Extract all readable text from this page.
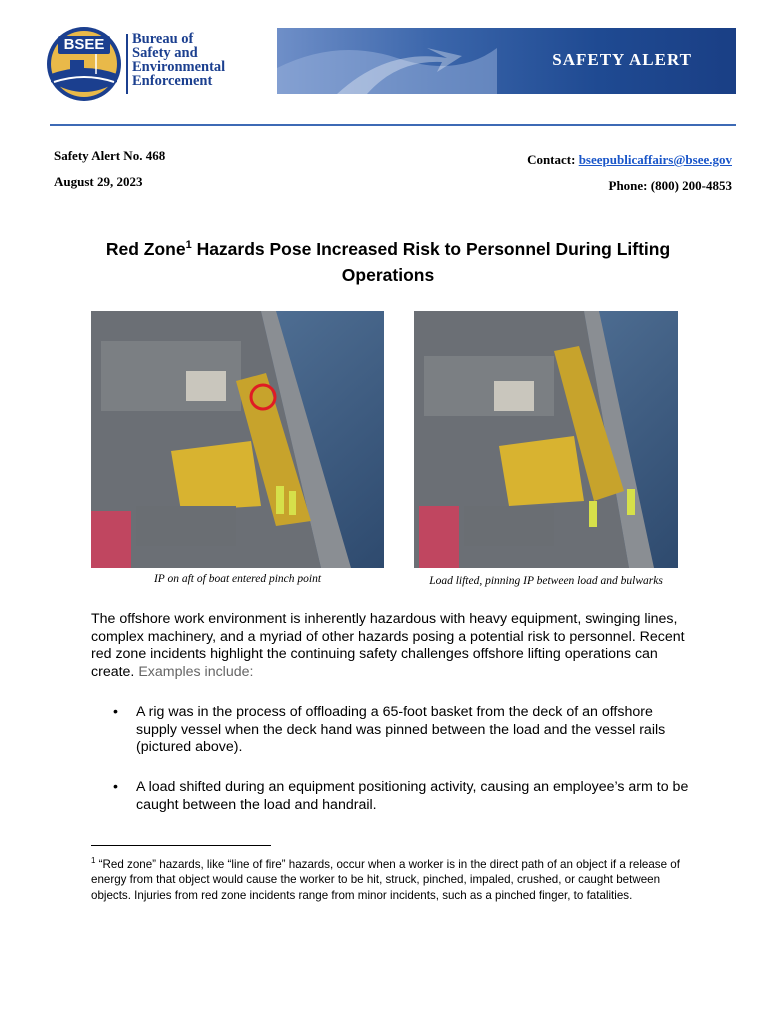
BSEE Bureau of
Safety and
Environmental
Enforcement
SAFETY ALERT
Safety Alert No. 468
August 29, 2023
Contact: bseepublicaffairs@bsee.gov
Phone: (800) 200-4853
Red Zone$^1$ Hazards Pose Increased Risk to Personnel During Lifting Operations
IP on aft of boat entered pinch point	Load lifted, pinning IP between load and bulwarks
The offshore work environment is inherently hazardous with heavy equipment, swinging lines, complex machinery, and a myriad of other hazards posing a potential risk to personnel. Recent red zone incidents highlight the continuing safety challenges offshore lifting operations can create. Examples include:
• A rig was in the process of offloading a 65-foot basket from the deck of an offshore supply vessel when the deck hand was pinned between the load and the vessel rails (pictured above).
• A load shifted during an equipment positioning activity, causing an employee’s arm to be caught between the load and handrail.
$^1$ “Red zone” hazards, like “line of fire” hazards, occur when a worker is in the direct path of an object if a release of energy from that object would cause the worker to be hit, struck, pinched, impaled, crushed, or caught between objects. Injuries from red zone incidents range from minor incidents, such as a pinched finger, to fatalities.
